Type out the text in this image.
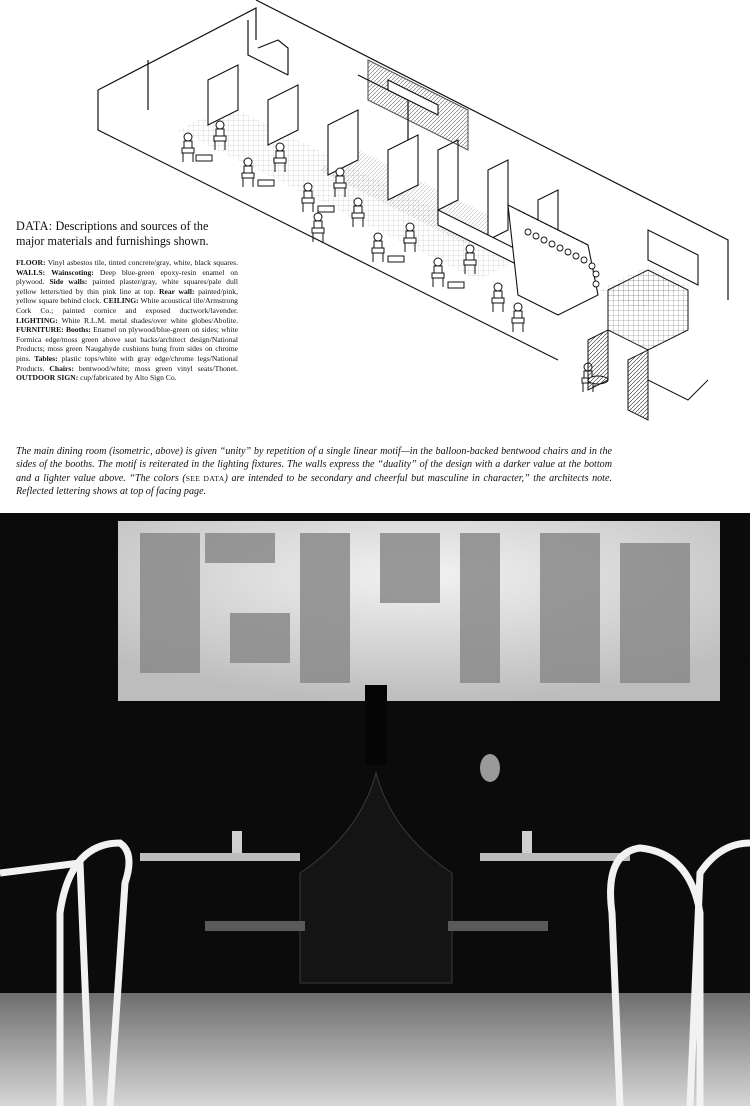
DATA: Descriptions and sources of the major materials and furnishings shown.

FLOOR: Vinyl asbestos tile, tinted concrete/gray, white, black squares. WALLS: Wainscoting: Deep blue-green epoxy-resin enamel on plywood. Side walls: painted plaster/gray, white squares/pale dull yellow letters/tied by thin pink line at top. Rear wall: painted/pink, yellow square behind clock. CEILING: White acoustical tile/Armstrong Cork Co.; painted cornice and exposed ductwork/lavender. LIGHTING: White R.L.M. metal shades/over white globes/Abolite. FURNITURE: Booths: Enamel on plywood/blue-green on sides; white Formica edge/moss green above seat backs/architect design/National Products; moss green Naugahyde cushions hung from sides on chrome pins. Tables: plastic tops/white with gray edge/chrome legs/National Products. Chairs: bentwood/white; moss green vinyl seats/Thonet. OUTDOOR SIGN: cup/fabricated by Alto Sign Co.

The main dining room (isometric, above) is given “unity” by repetition of a single linear motif—in the balloon-backed bentwood chairs and in the sides of the booths. The motif is reiterated in the lighting fixtures. The walls express the “duality” of the design with a darker value at the bottom and a lighter value above. “The colors (SEE DATA) are intended to be secondary and cheerful but masculine in character,” the architects note. Reflected lettering shows at top of facing page.
